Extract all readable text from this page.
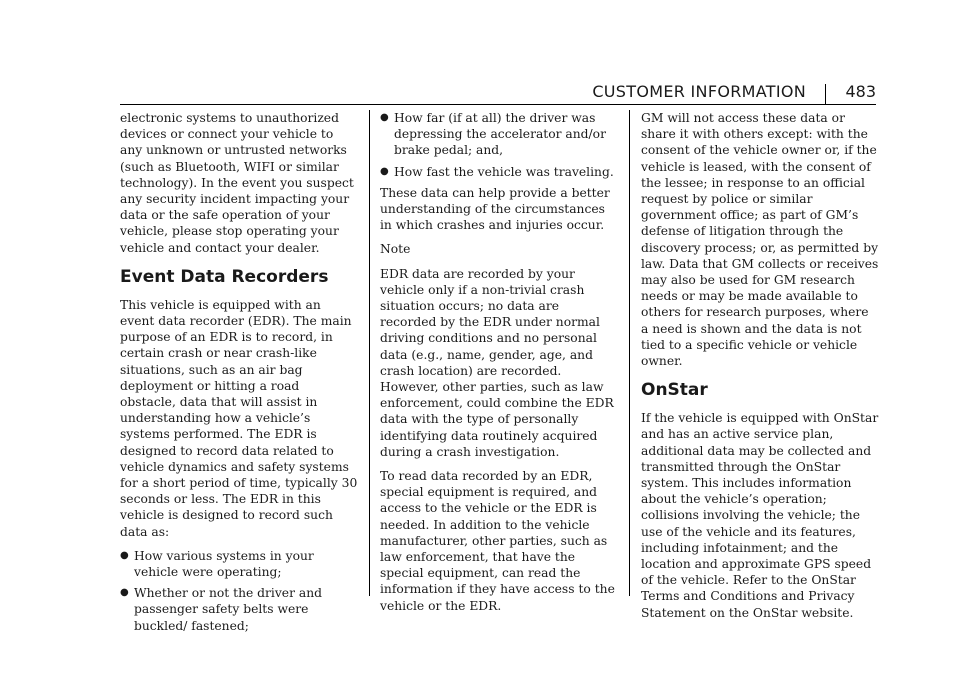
CUSTOMER INFORMATION 483

electronic systems to unauthorized devices or connect your vehicle to any unknown or untrusted networks (such as Bluetooth, WIFI or similar technology). In the event you suspect any security incident impacting your data or the safe operation of your vehicle, please stop operating your vehicle and contact your dealer.

Event Data Recorders

This vehicle is equipped with an event data recorder (EDR). The main purpose of an EDR is to record, in certain crash or near crash-like situations, such as an air bag deployment or hitting a road obstacle, data that will assist in understanding how a vehicle’s systems performed. The EDR is designed to record data related to vehicle dynamics and safety systems for a short period of time, typically 30 seconds or less. The EDR in this vehicle is designed to record such data as:

● How various systems in your vehicle were operating;
● Whether or not the driver and passenger safety belts were buckled/ fastened;
● How far (if at all) the driver was depressing the accelerator and/or brake pedal; and,
● How fast the vehicle was traveling.

These data can help provide a better understanding of the circumstances in which crashes and injuries occur.

Note

EDR data are recorded by your vehicle only if a non-trivial crash situation occurs; no data are recorded by the EDR under normal driving conditions and no personal data (e.g., name, gender, age, and crash location) are recorded. However, other parties, such as law enforcement, could combine the EDR data with the type of personally identifying data routinely acquired during a crash investigation.

To read data recorded by an EDR, special equipment is required, and access to the vehicle or the EDR is needed. In addition to the vehicle manufacturer, other parties, such as law enforcement, that have the special equipment, can read the information if they have access to the vehicle or the EDR.

GM will not access these data or share it with others except: with the consent of the vehicle owner or, if the vehicle is leased, with the consent of the lessee; in response to an official request by police or similar government office; as part of GM’s defense of litigation through the discovery process; or, as permitted by law. Data that GM collects or receives may also be used for GM research needs or may be made available to others for research purposes, where a need is shown and the data is not tied to a specific vehicle or vehicle owner.

OnStar

If the vehicle is equipped with OnStar and has an active service plan, additional data may be collected and transmitted through the OnStar system. This includes information about the vehicle’s operation; collisions involving the vehicle; the use of the vehicle and its features, including infotainment; and the location and approximate GPS speed of the vehicle. Refer to the OnStar Terms and Conditions and Privacy Statement on the OnStar website.
